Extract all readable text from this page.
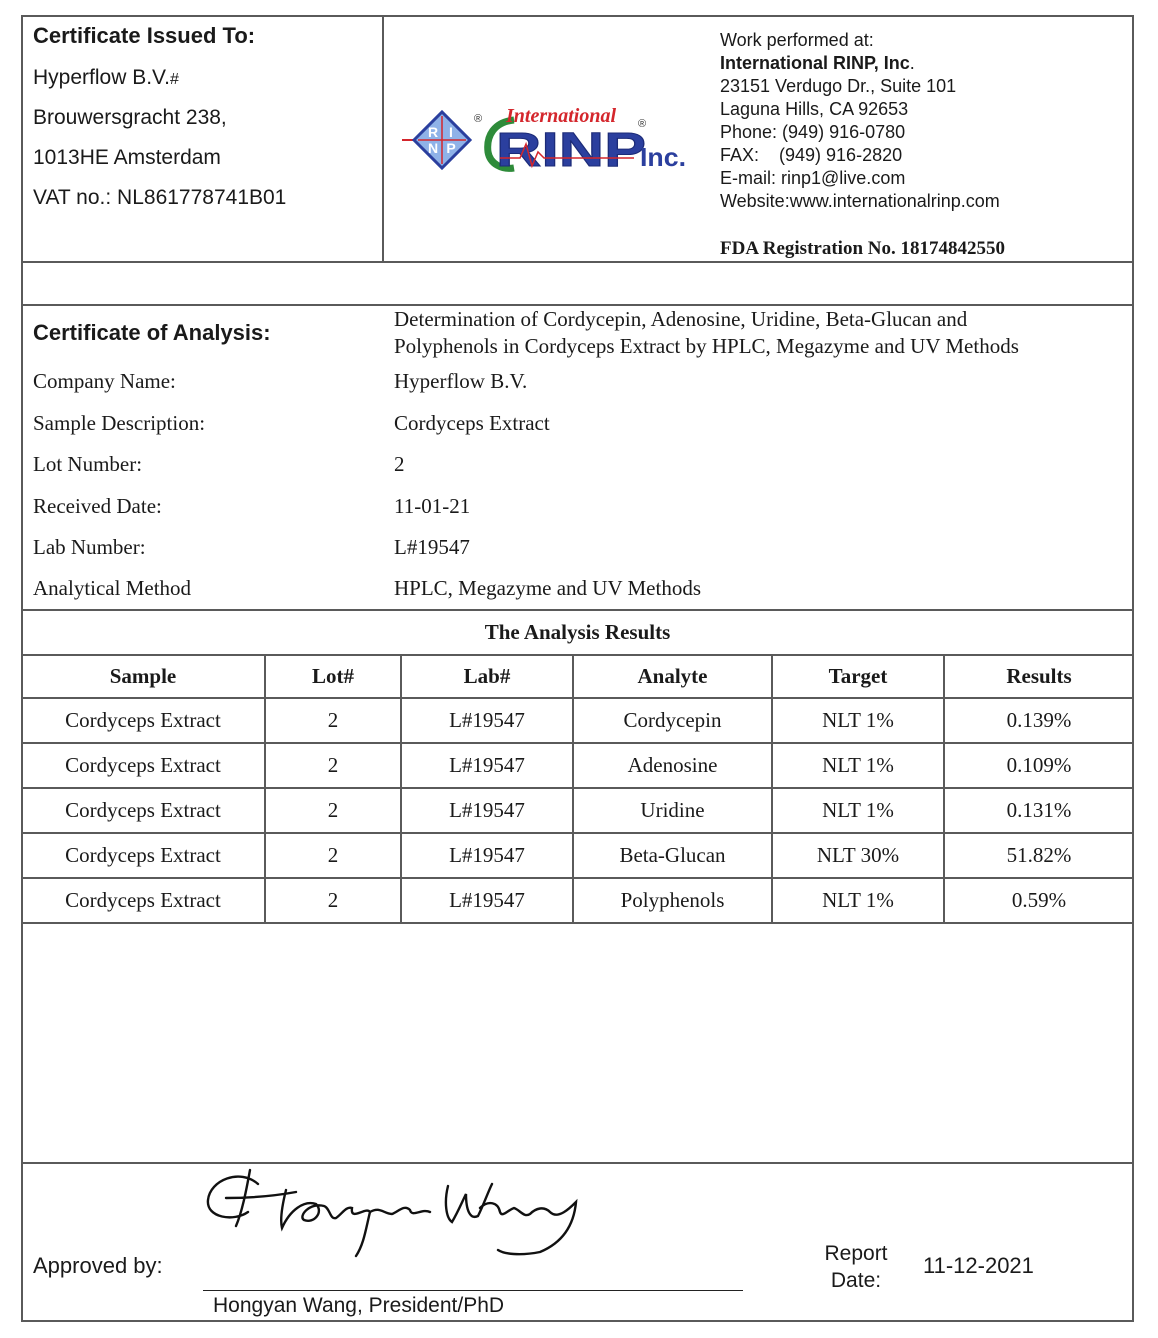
Certificate Issued To:
Hyperflow B.V.#
Brouwersgracht 238,
1013HE Amsterdam
VAT no.: NL861778741B01
R I
N P
® International
RINP
®
Inc.
Work performed at:
International RINP, Inc.
23151 Verdugo Dr., Suite 101
Laguna Hills, CA 92653
Phone: (949) 916-0780
FAX: (949) 916-2820
E-mail: rinp1@live.com
Website:www.internationalrinp.com
FDA Registration No. 18174842550
Certificate of Analysis:
Determination of Cordycepin, Adenosine, Uridine, Beta-Glucan and
Polyphenols in Cordyceps Extract by HPLC, Megazyme and UV Methods
Company Name:	Hyperflow B.V.
Sample Description:	Cordyceps Extract
Lot Number:	2
Received Date:	11-01-21
Lab Number:	L#19547
Analytical Method	HPLC, Megazyme and UV Methods
The Analysis Results
Sample	Lot#	Lab#	Analyte	Target	Results
Cordyceps Extract	2	L#19547	Cordycepin	NLT 1%	0.139%
Cordyceps Extract	2	L#19547	Adenosine	NLT 1%	0.109%
Cordyceps Extract	2	L#19547	Uridine	NLT 1%	0.131%
Cordyceps Extract	2	L#19547	Beta-Glucan	NLT 30%	51.82%
Cordyceps Extract	2	L#19547	Polyphenols	NLT 1%	0.59%
Approved by:
Hongyan Wang, President/PhD
Report
Date:
11-12-2021
